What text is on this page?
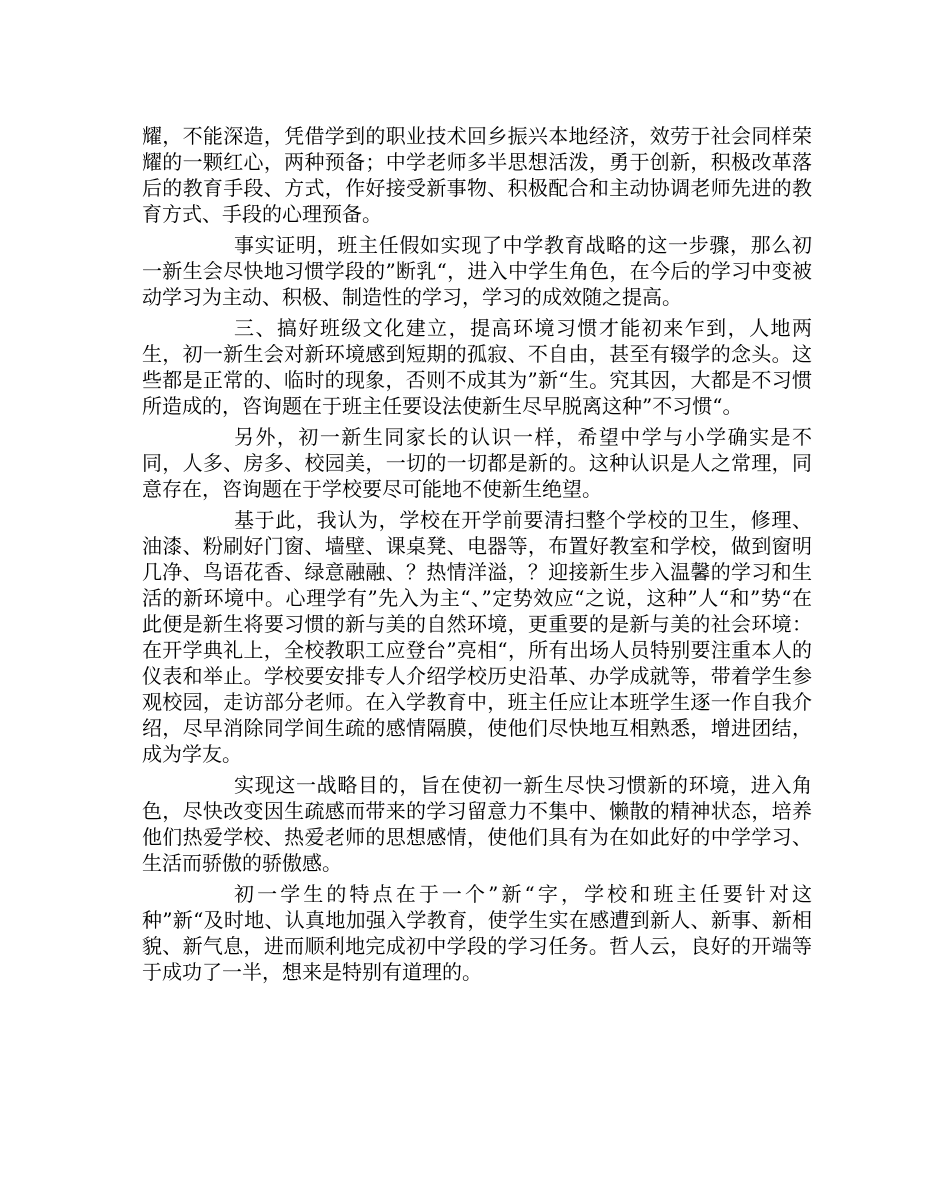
耀，不能深造，凭借学到的职业技术回乡振兴本地经济，效劳于社会同样荣耀的一颗红心，两种预备；中学老师多半思想活泼，勇于创新，积极改革落后的教育手段、方式，作好接受新事物、积极配合和主动协调老师先进的教育方式、手段的心理预备。

事实证明，班主任假如实现了中学教育战略的这一步骤，那么初一新生会尽快地习惯学段的”断乳“，进入中学生角色，在今后的学习中变被动学习为主动、积极、制造性的学习，学习的成效随之提高。

三、搞好班级文化建立，提高环境习惯才能初来乍到，人地两生，初一新生会对新环境感到短期的孤寂、不自由，甚至有辍学的念头。这些都是正常的、临时的现象，否则不成其为”新“生。究其因，大都是不习惯所造成的，咨询题在于班主任要设法使新生尽早脱离这种”不习惯“。

另外，初一新生同家长的认识一样，希望中学与小学确实是不同，人多、房多、校园美，一切的一切都是新的。这种认识是人之常理，同意存在，咨询题在于学校要尽可能地不使新生绝望。

基于此，我认为，学校在开学前要清扫整个学校的卫生，修理、油漆、粉刷好门窗、墙壁、课桌凳、电器等，布置好教室和学校，做到窗明几净、鸟语花香、绿意融融、？热情洋溢，？迎接新生步入温馨的学习和生活的新环境中。心理学有”先入为主“、”定势效应“之说，这种”人“和”势“在此便是新生将要习惯的新与美的自然环境，更重要的是新与美的社会环境：在开学典礼上，全校教职工应登台”亮相“，所有出场人员特别要注重本人的仪表和举止。学校要安排专人介绍学校历史沿革、办学成就等，带着学生参观校园，走访部分老师。在入学教育中，班主任应让本班学生逐一作自我介绍，尽早消除同学间生疏的感情隔膜，使他们尽快地互相熟悉，增进团结，成为学友。

实现这一战略目的，旨在使初一新生尽快习惯新的环境，进入角色，尽快改变因生疏感而带来的学习留意力不集中、懒散的精神状态，培养他们热爱学校、热爱老师的思想感情，使他们具有为在如此好的中学学习、生活而骄傲的骄傲感。

初一学生的特点在于一个”新“字，学校和班主任要针对这种”新“及时地、认真地加强入学教育，使学生实在感遭到新人、新事、新相貌、新气息，进而顺利地完成初中学段的学习任务。哲人云，良好的开端等于成功了一半，想来是特别有道理的。
